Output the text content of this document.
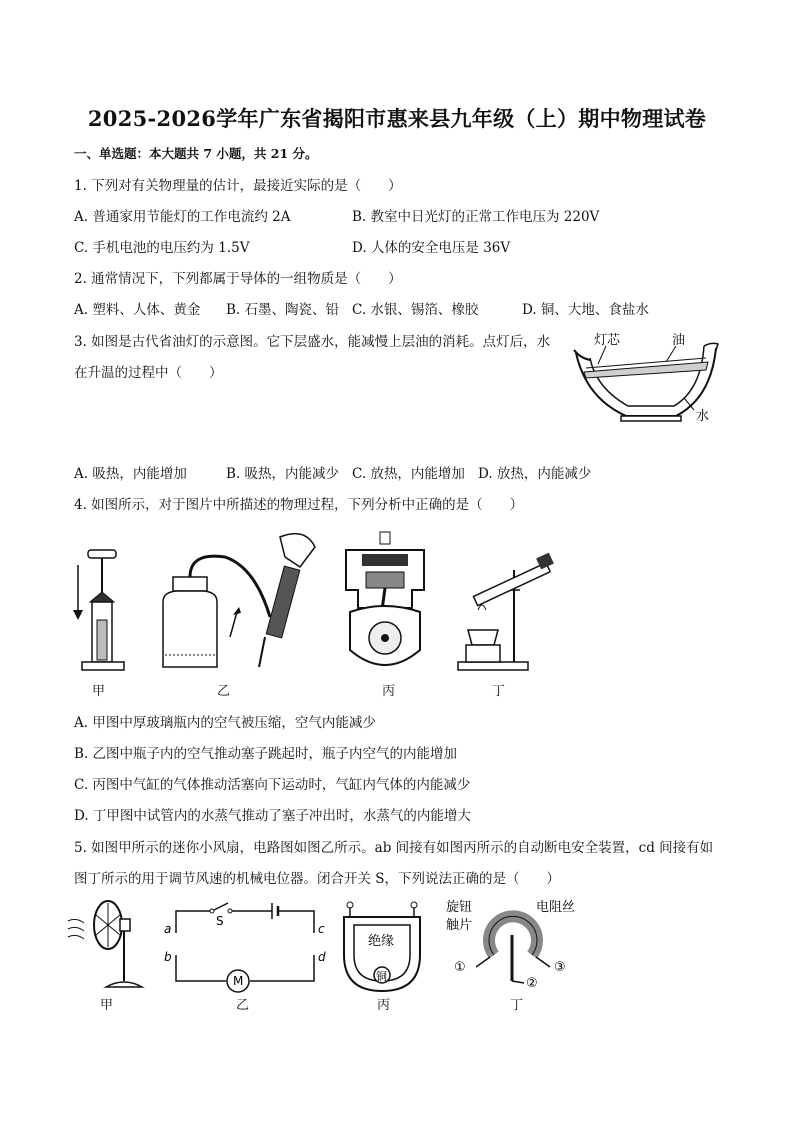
2025-2026学年广东省揭阳市惠来县九年级（上）期中物理试卷
一、单选题：本大题共 7 小题，共 21 分。
1. 下列对有关物理量的估计，最接近实际的是（　　）
A. 普通家用节能灯的工作电流约 2A	B. 教室中日光灯的正常工作电压为 220V
C. 手机电池的电压约为 1.5V	D. 人体的安全电压是 36V
2. 通常情况下，下列都属于导体的一组物质是（　　）
A. 塑料、人体、黄金 B. 石墨、陶瓷、铅 C. 水银、锡箔、橡胶	D. 铜、大地、食盐水
3. 如图是古代省油灯的示意图。它下层盛水，能减慢上层油的消耗。点灯后，水
在升温的过程中（　　）
灯芯	油
水
A. 吸热，内能增加	B. 吸热，内能减少 C. 放热，内能增加 D. 放热，内能减少
4. 如图所示，对于图片中所描述的物理过程，下列分析中正确的是（　　）
甲	乙	丙	丁
A. 甲图中厚玻璃瓶内的空气被压缩，空气内能减少
B. 乙图中瓶子内的空气推动塞子跳起时，瓶子内空气的内能增加
C. 丙图中气缸的气体推动活塞向下运动时，气缸内气体的内能减少
D. 丁甲图中试管内的水蒸气推动了塞子冲出时，水蒸气的内能增大
5. 如图甲所示的迷你小风扇，电路图如图乙所示。ab 间接有如图丙所示的自动断电安全装置，cd 间接有如
图丁所示的用于调节风速的机械电位器。闭合开关 S，下列说法正确的是（　　）
S
a
b
c
d
M
绝缘
铜
旋钮
触片
电阻丝
①
②
③
甲	乙	丙	丁
